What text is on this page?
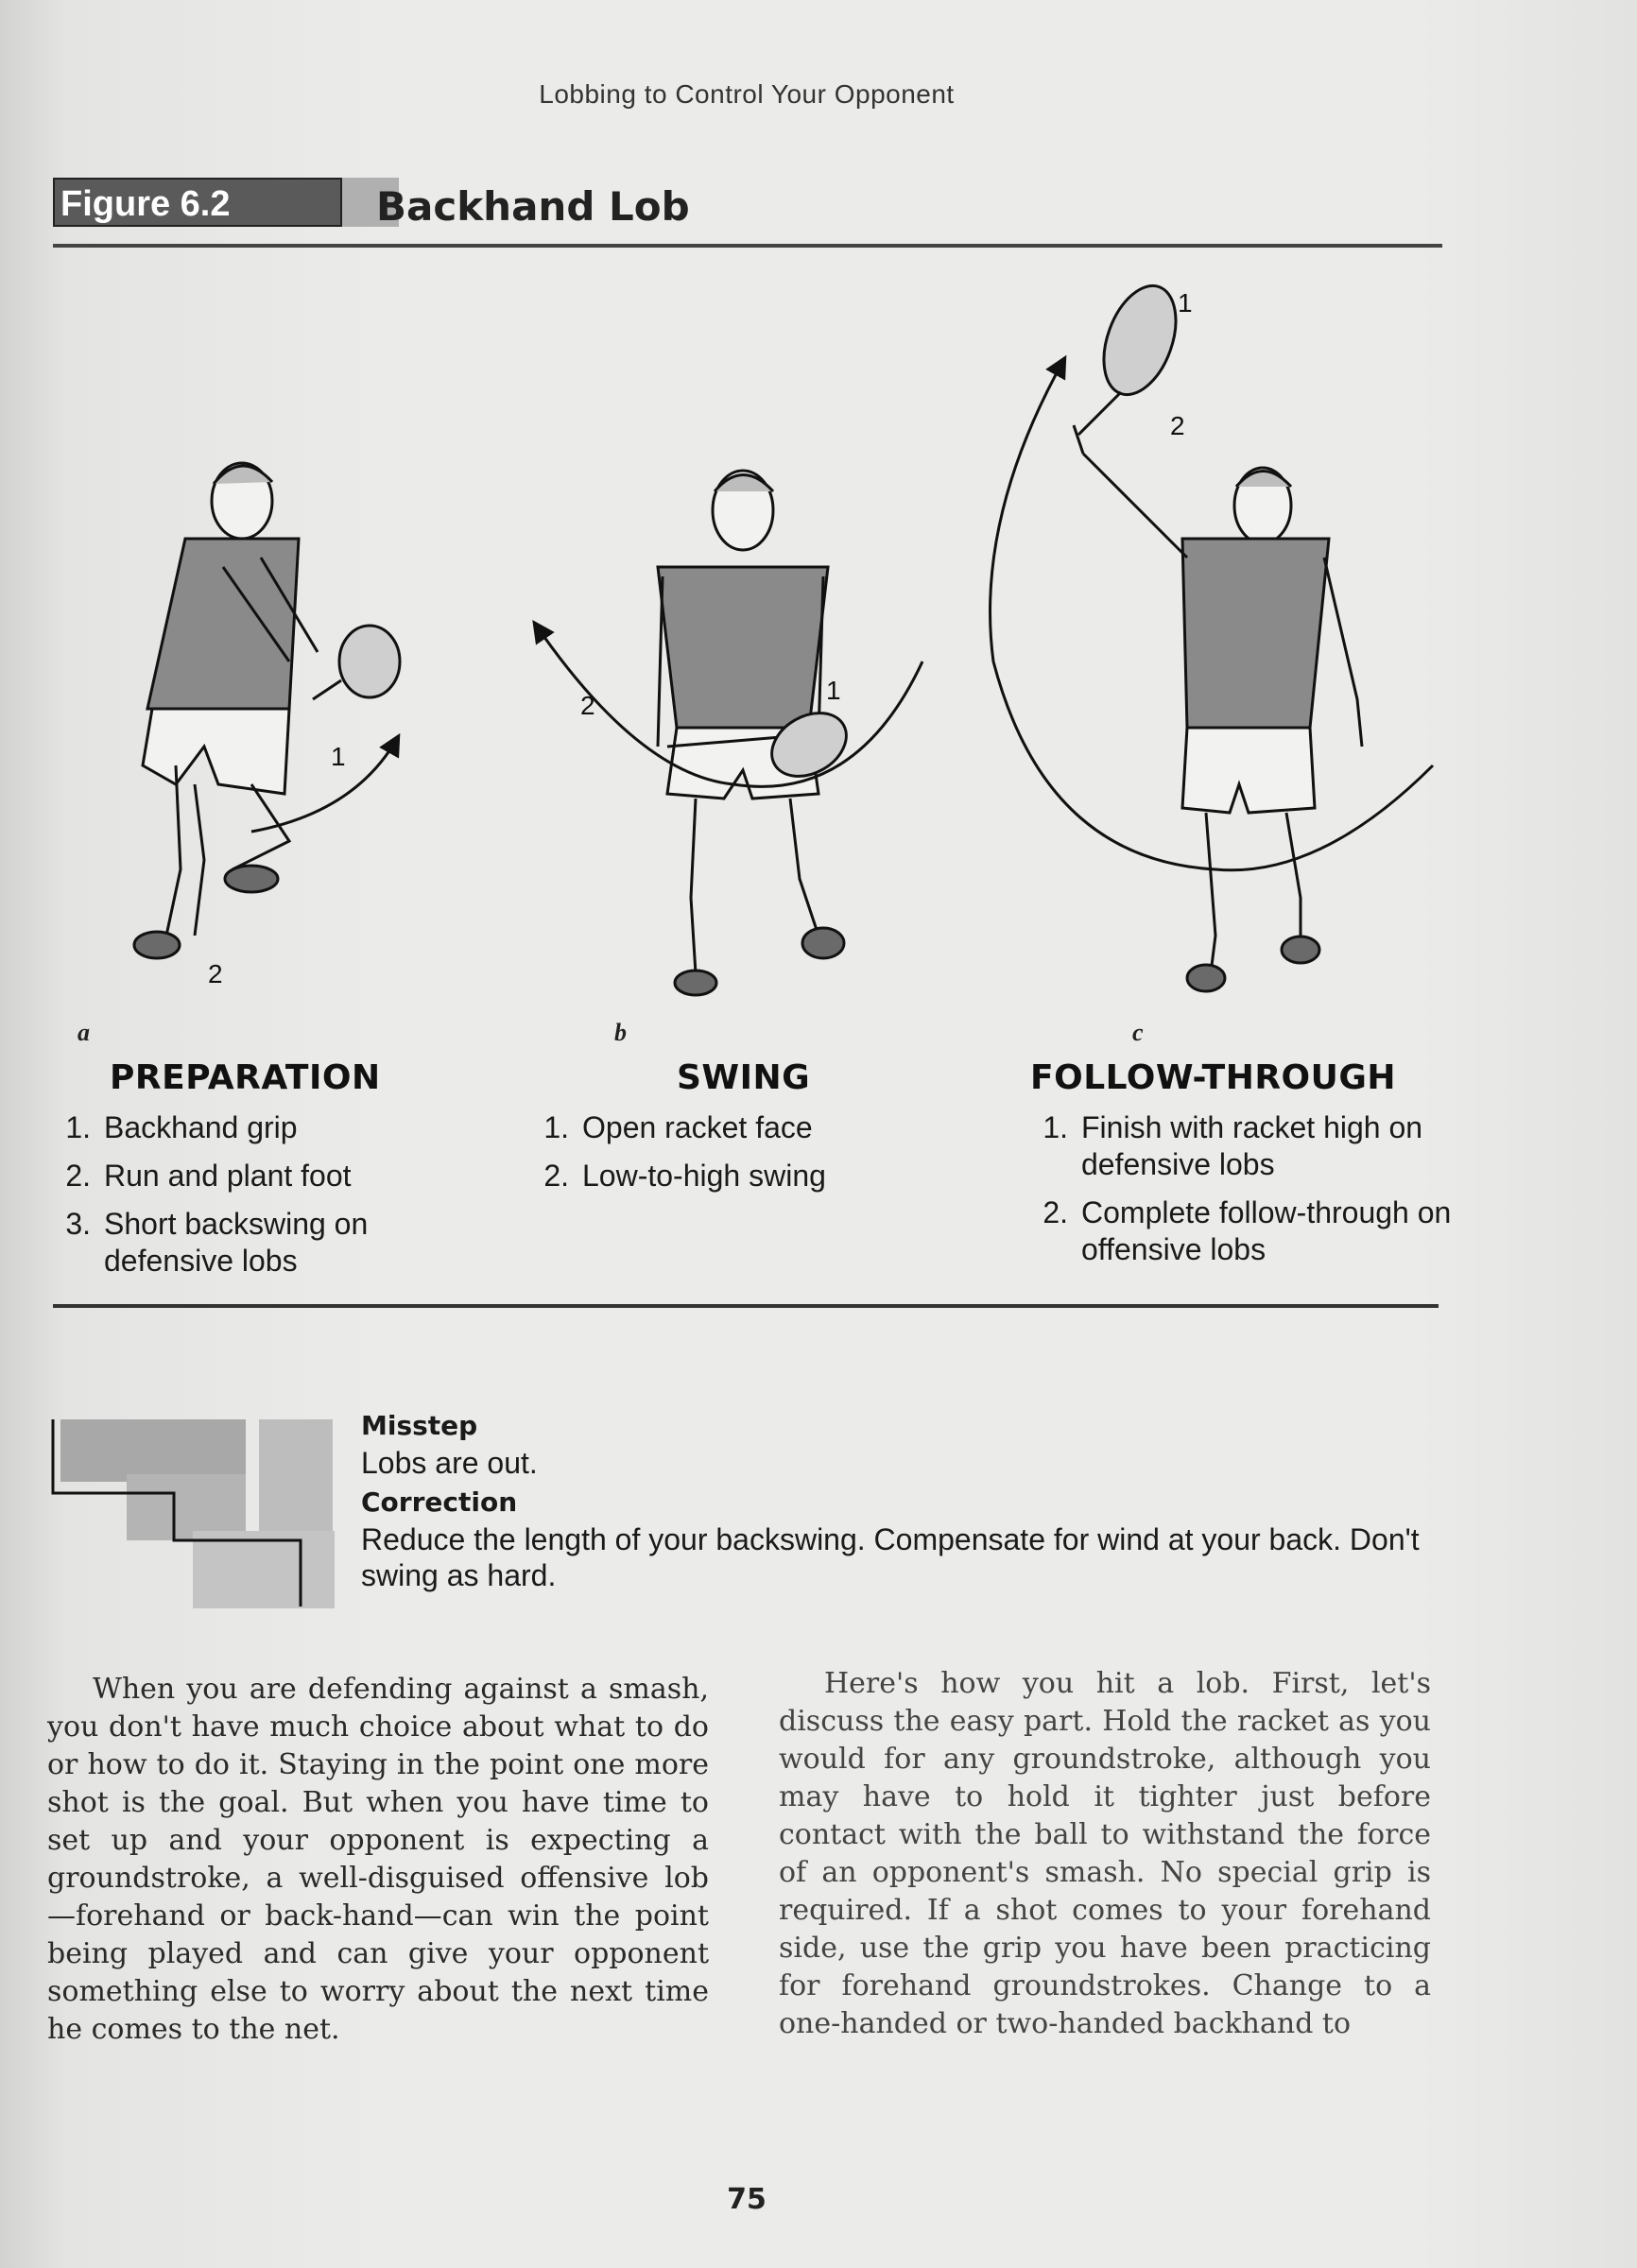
Lobbing to Control Your Opponent
Figure 6.2	Backhand Lob
1
2
1
2
1
2
a	b	c
PREPARATION	SWING	FOLLOW-THROUGH
1. Backhand grip
2. Run and plant foot
3. Short backswing on defensive lobs
1. Open racket face
2. Low-to-high swing
1. Finish with racket high on defensive lobs
2. Complete follow-through on offensive lobs

Misstep

Lobs are out.

Correction

Reduce the length of your backswing. Compensate for wind at your back. Don't swing as hard.

When you are defending against a smash, you don't have much choice about what to do or how to do it. Staying in the point one more shot is the goal. But when you have time to set up and your opponent is expecting a groundstroke, a well-disguised offensive lob—forehand or back-hand—can win the point being played and can give your opponent something else to worry about the next time he comes to the net.
Here's how you hit a lob. First, let's discuss the easy part. Hold the racket as you would for any groundstroke, although you may have to hold it tighter just before contact with the ball to withstand the force of an opponent's smash. No special grip is required. If a shot comes to your forehand side, use the grip you have been practicing for forehand groundstrokes. Change to a one-handed or two-handed backhand to
75
